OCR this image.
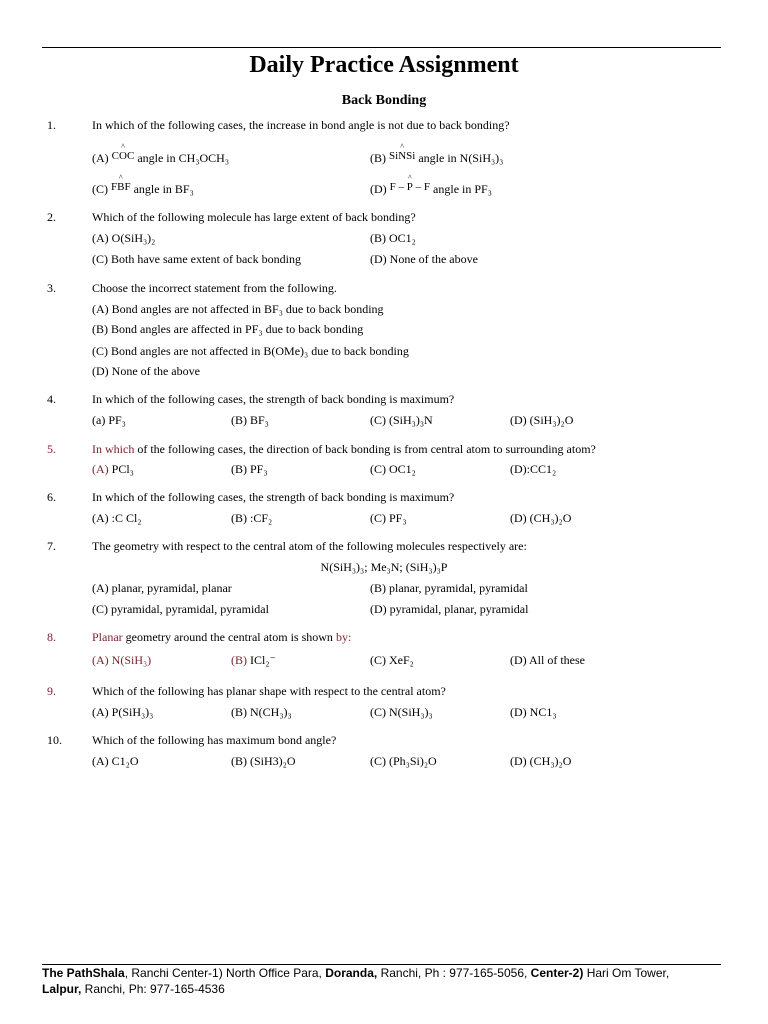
Daily Practice Assignment
Back Bonding
1.	In which of the following cases, the increase in bond angle is not due to back bonding?
(A) C^ OC angle in CH₃OCH₃	(B) Si^ NSi angle in N(SiH₃)₃
(C) F^ BF angle in BF₃	(D) F – ^ P – F angle in PF₃
2.	Which of the following molecule has large extent of back bonding?
(A) O(SiH₃)₂	(B) OC1₂
(C) Both have same extent of back bonding	(D) None of the above
3.	Choose the incorrect statement from the following.
(A) Bond angles are not affected in BF₃ due to back bonding
(B) Bond angles are affected in PF₃ due to back bonding
(C) Bond angles are not affected in B(OMe)₃ due to back bonding
(D) None of the above
4.	In which of the following cases, the strength of back bonding is maximum?
(a) PF₃	(B) BF₃	(C) (SiH₃)₃N	(D) (SiH₃)₂O
5.	In which of the following cases, the direction of back bonding is from central atom to surrounding atom?
(A) PCl₃	(B) PF₃	(C) OC1₂	(D):CC1₂
6.	In which of the following cases, the strength of back bonding is maximum?
(A) :C Cl₂	(B) :CF₂	(C) PF₃	(D) (CH₃)₂O
7.	The geometry with respect to the central atom of the following molecules respectively are:
N(SiH₃)₃; Me₃N; (SiH₃)₃P
(A) planar, pyramidal, planar	(B) planar, pyramidal, pyramidal
(C) pyramidal, pyramidal, pyramidal	(D) pyramidal, planar, pyramidal
8.	Planar geometry around the central atom is shown by:
(A) N(SiH₃)	(B) ICl₂⁻	(C) XeF₂	(D) All of these
9.	Which of the following has planar shape with respect to the central atom?
(A) P(SiH₃)₃	(B) N(CH₃)₃	(C) N(SiH₃)₃	(D) NC1₃
10.	Which of the following has maximum bond angle?
(A) C1₂O	(B) (SiH3)₂O	(C) (Ph₃Si)₂O	(D) (CH₃)₂O
The PathShala, Ranchi Center-1) North Office Para, Doranda, Ranchi, Ph : 977-165-5056, Center-2) Hari Om Tower,
Lalpur, Ranchi, Ph: 977-165-4536
